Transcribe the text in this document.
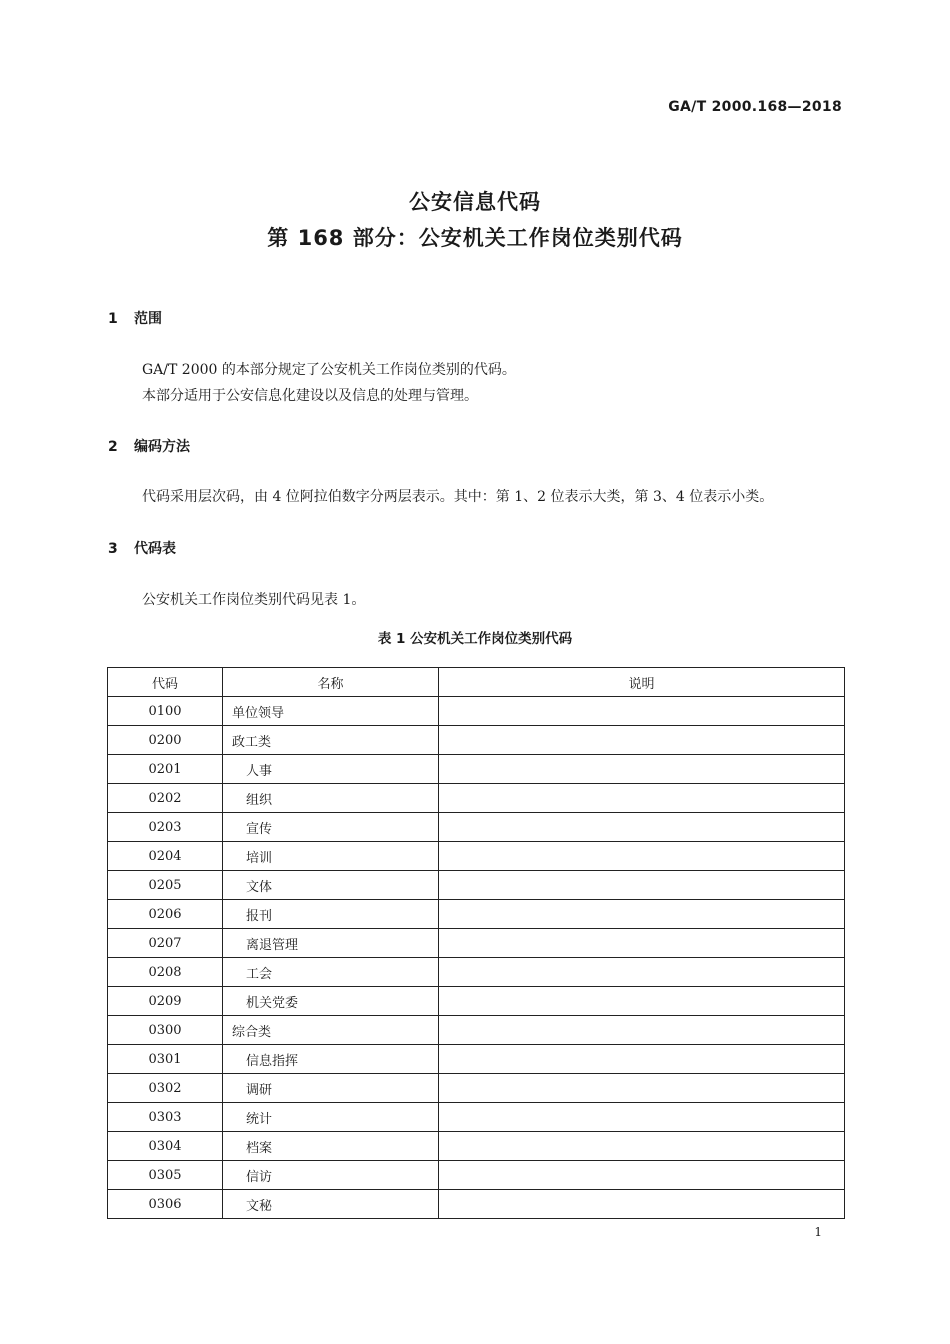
GA/T 2000.168—2018
公安信息代码
第 168 部分：公安机关工作岗位类别代码
1 范围
GA/T 2000 的本部分规定了公安机关工作岗位类别的代码。
本部分适用于公安信息化建设以及信息的处理与管理。
2 编码方法
代码采用层次码，由 4 位阿拉伯数字分两层表示。其中：第 1、2 位表示大类，第 3、4 位表示小类。
3 代码表
公安机关工作岗位类别代码见表 1。
表 1 公安机关工作岗位类别代码
代码	名称	说明
0100	单位领导	
0200	政工类	
0201	人事	
0202	组织	
0203	宣传	
0204	培训	
0205	文体	
0206	报刊	
0207	离退管理	
0208	工会	
0209	机关党委	
0300	综合类	
0301	信息指挥	
0302	调研	
0303	统计	
0304	档案	
0305	信访	
0306	文秘	
1
